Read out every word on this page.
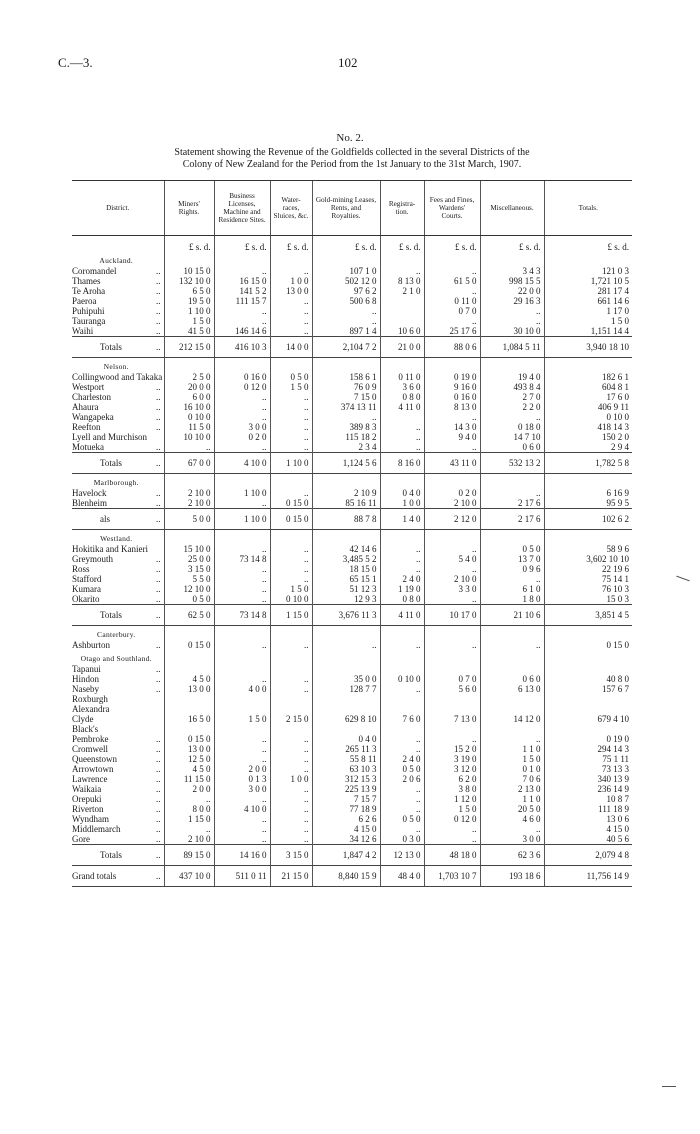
C.—3.	102
No. 2.
Statement showing the Revenue of the Goldfields collected in the several Districts of the
Colony of New Zealand for the Period from the 1st January to the 31st March, 1907.
District.	Miners' Rights.	Business Licenses, Machine and Residence Sites.	Water-races, Sluices, &c.	Gold-mining Leases, Rents, and Royalties.	Registra-tion.	Fees and Fines, Wardens' Courts.	Miscellaneous.	Totals.
	£ s. d.	£ s. d.	£ s. d.	£ s. d.	£ s. d.	£ s. d.	£ s. d.	£ s. d.
Auckland.								

Coromandel ..	10 15 0	..	..	107 1 0	..	..	3 4 3	121 0 3

Thames ..	132 10 0	16 15 0	1 0 0	502 12 0	8 13 0	61 5 0	998 15 5	1,721 10 5

Te Aroha ..	6 5 0	141 5 2	13 0 0	97 6 2	2 1 0	..	22 0 0	281 17 4

Paeroa ..	19 5 0	111 15 7	..	500 6 8		0 11 0	29 16 3	661 14 6

Puhipuhi ..	1 10 0	..	..	..		0 7 0	..	1 17 0

Tauranga ..	1 5 0	..	..	..		..	..	1 5 0

Waihi ..	41 5 0	146 14 6	..	897 1 4	10 6 0	25 17 6	30 10 0	1,151 14 4

Totals ..	212 15 0	416 10 3	14 0 0	2,104 7 2	21 0 0	88 0 6	1,084 5 11	3,940 18 10
Nelson.								

Collingwood and Takaka	2 5 0	0 16 0	0 5 0	158 6 1	0 11 0	0 19 0	19 4 0	182 6 1

Westport ..	20 0 0	0 12 0	1 5 0	76 0 9	3 6 0	9 16 0	493 8 4	604 8 1

Charleston ..	6 0 0	..	..	7 15 0	0 8 0	0 16 0	2 7 0	17 6 0

Ahaura ..	16 10 0	..	..	374 13 11	4 11 0	8 13 0	2 2 0	406 9 11

Wangapeka ..	0 10 0	..	..	..		..	..	0 10 0

Reefton ..	11 5 0	3 0 0	..	389 8 3	..	14 3 0	0 18 0	418 14 3

Lyell and Murchison	10 10 0	0 2 0	..	115 18 2	..	9 4 0	14 7 10	150 2 0

Motueka ..	..	..	..	2 3 4	..	..	0 6 0	2 9 4

Totals ..	67 0 0	4 10 0	1 10 0	1,124 5 6	8 16 0	43 11 0	532 13 2	1,782 5 8
Marlborough.								

Havelock ..	2 10 0	1 10 0	..	2 10 9	0 4 0	0 2 0	..	6 16 9

Blenheim ..	2 10 0	..	0 15 0	85 16 11	1 0 0	2 10 0	2 17 6	95 9 5

als ..	5 0 0	1 10 0	0 15 0	88 7 8	1 4 0	2 12 0	2 17 6	102 6 2
Westland.								

Hokitika and Kanieri	15 10 0	..	..	42 14 6	..	..	0 5 0	58 9 6

Greymouth ..	25 0 0	73 14 8	..	3,485 5 2	..	5 4 0	13 7 0	3,602 10 10

Ross ..	3 15 0	..	..	18 15 0	..	..	0 9 6	22 19 6

Stafford ..	5 5 0	..	..	65 15 1	2 4 0	2 10 0	..	75 14 1

Kumara ..	12 10 0	..	1 5 0	51 12 3	1 19 0	3 3 0	6 1 0	76 10 3

Okarito ..	0 5 0	..	0 10 0	12 9 3	0 8 0	..	1 8 0	15 0 3

Totals ..	62 5 0	73 14 8	1 15 0	3,676 11 3	4 11 0	10 17 0	21 10 6	3,851 4 5
Canterbury.								

Ashburton ..	0 15 0	..	..	..	..	..	..	0 15 0
Otago and Southland.								

Tapanui ..								

Hindon ..	4 5 0	..	..	35 0 0	0 10 0	0 7 0	0 6 0	40 8 0

Naseby ..	13 0 0	4 0 0	..	128 7 7	..	5 6 0	6 13 0	157 6 7

Roxburgh								

Alexandra								

Clyde	16 5 0	1 5 0	2 15 0	629 8 10	7 6 0	7 13 0	14 12 0	679 4 10

Black's								

Pembroke ..	0 15 0	..	..	0 4 0	..	..	..	0 19 0

Cromwell ..	13 0 0	..	..	265 11 3	..	15 2 0	1 1 0	294 14 3

Queenstown ..	12 5 0	..	..	55 8 11	2 4 0	3 19 0	1 5 0	75 1 11

Arrowtown ..	4 5 0	2 0 0	..	63 10 3	0 5 0	3 12 0	0 1 0	73 13 3

Lawrence ..	11 15 0	0 1 3	1 0 0	312 15 3	2 0 6	6 2 0	7 0 6	340 13 9

Waikaia ..	2 0 0	3 0 0	..	225 13 9	..	3 8 0	2 13 0	236 14 9

Orepuki ..	..	..	..	7 15 7	..	1 12 0	1 1 0	10 8 7

Riverton ..	8 0 0	4 10 0	..	77 18 9	..	1 5 0	20 5 0	111 18 9

Wyndham ..	1 15 0	..	..	6 2 6	0 5 0	0 12 0	4 6 0	13 0 6

Middlemarch ..	..	..	..	4 15 0	..	..	..	4 15 0

Gore ..	2 10 0	..	..	34 12 6	0 3 0	..	3 0 0	40 5 6

Totals ..	89 15 0	14 16 0	3 15 0	1,847 4 2	12 13 0	48 18 0	62 3 6	2,079 4 8

Grand totals ..	437 10 0	511 0 11	21 15 0	8,840 15 9	48 4 0	1,703 10 7	193 18 6	11,756 14 9
